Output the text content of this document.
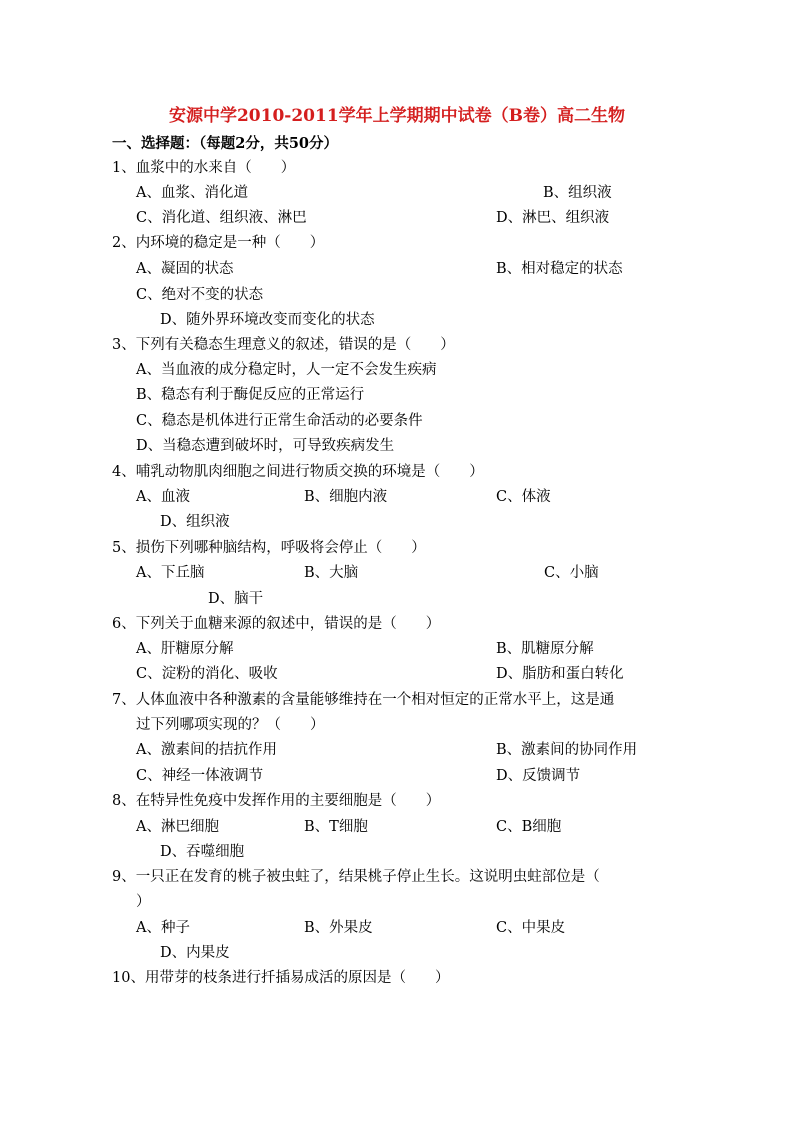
安源中学2010-2011学年上学期期中试卷（B卷）高二生物
一、选择题：（每题2分，共50分）
1、血浆中的水来自（　　）
A、血浆、消化道	B、组织液
C、消化道、组织液、淋巴	D、淋巴、组织液
2、内环境的稳定是一种（　　）
A、凝固的状态	B、相对稳定的状态
C、绝对不变的状态
D、随外界环境改变而变化的状态
3、下列有关稳态生理意义的叙述，错误的是（　　）
A、当血液的成分稳定时，人一定不会发生疾病
B、稳态有利于酶促反应的正常运行
C、稳态是机体进行正常生命活动的必要条件
D、当稳态遭到破坏时，可导致疾病发生
4、哺乳动物肌肉细胞之间进行物质交换的环境是（　　）
A、血液	B、细胞内液	C、体液
D、组织液
5、损伤下列哪种脑结构，呼吸将会停止（　　）
A、下丘脑	B、大脑	C、小脑
D、脑干
6、下列关于血糖来源的叙述中，错误的是（　　）
A、肝糖原分解	B、肌糖原分解
C、淀粉的消化、吸收	D、脂肪和蛋白转化
7、人体血液中各种激素的含量能够维持在一个相对恒定的正常水平上，这是通
过下列哪项实现的？（　　）
A、激素间的拮抗作用	B、激素间的协同作用
C、神经一体液调节	D、反馈调节
8、在特异性免疫中发挥作用的主要细胞是（　　）
A、淋巴细胞	B、T细胞	C、B细胞
D、吞噬细胞
9、一只正在发育的桃子被虫蛀了，结果桃子停止生长。这说明虫蛀部位是（
）
A、种子	B、外果皮	C、中果皮
D、内果皮
10、用带芽的枝条进行扦插易成活的原因是（　　）
